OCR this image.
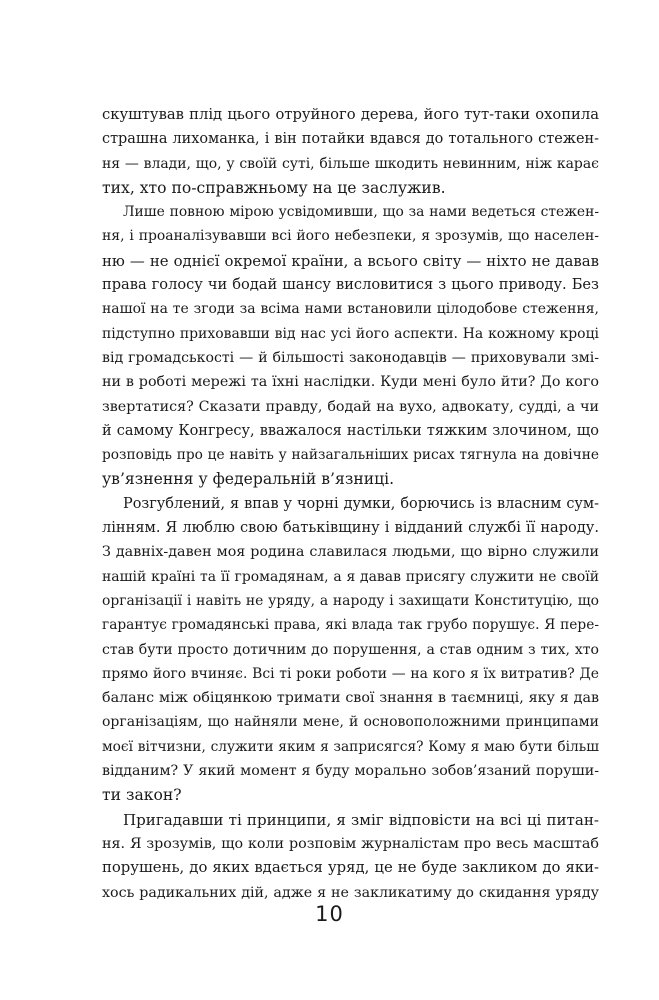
скуштував плід цього отруйного дерева, його тут-таки охопила
страшна лихоманка, і він потайки вдався до тотального стежен-
ня — влади, що, у своїй суті, більше шкодить невинним, ніж карає
тих, хто по-справжньому на це заслужив.
Лише повною мірою усвідомивши, що за нами ведеться стежен-
ня, і проаналізувавши всі його небезпеки, я зрозумів, що населен-
ню — не однієї окремої країни, а всього світу — ніхто не давав
права голосу чи бодай шансу висловитися з цього приводу. Без
нашої на те згоди за всіма нами встановили цілодобове стеження,
підступно приховавши від нас усі його аспекти. На кожному кроці
від громадськості — й більшості законодавців — приховували змі-
ни в роботі мережі та їхні наслідки. Куди мені було йти? До кого
звертатися? Сказати правду, бодай на вухо, адвокату, судді, а чи
й самому Конгресу, вважалося настільки тяжким злочином, що
розповідь про це навіть у найзагальніших рисах тягнула на довічне
ув’язнення у федеральній в’язниці.
Розгублений, я впав у чорні думки, борючись із власним сум-
лінням. Я люблю свою батьківщину і відданий службі її народу.
З давніх-давен моя родина славилася людьми, що вірно служили
нашій країні та її громадянам, а я давав присягу служити не своїй
організації і навіть не уряду, а народу і захищати Конституцію, що
гарантує громадянські права, які влада так грубо порушує. Я пере-
став бути просто дотичним до порушення, а став одним з тих, хто
прямо його вчиняє. Всі ті роки роботи — на кого я їх витратив? Де
баланс між обіцянкою тримати свої знання в таємниці, яку я дав
організаціям, що найняли мене, й основоположними принципами
моєї вітчизни, служити яким я заприсягся? Кому я маю бути більш
відданим? У який момент я буду морально зобов’язаний поруши-
ти закон?
Пригадавши ті принципи, я зміг відповісти на всі ці питан-
ня. Я зрозумів, що коли розповім журналістам про весь масштаб
порушень, до яких вдається уряд, це не буде закликом до яки-
хось радикальних дій, адже я не закликатиму до скидання уряду
10
